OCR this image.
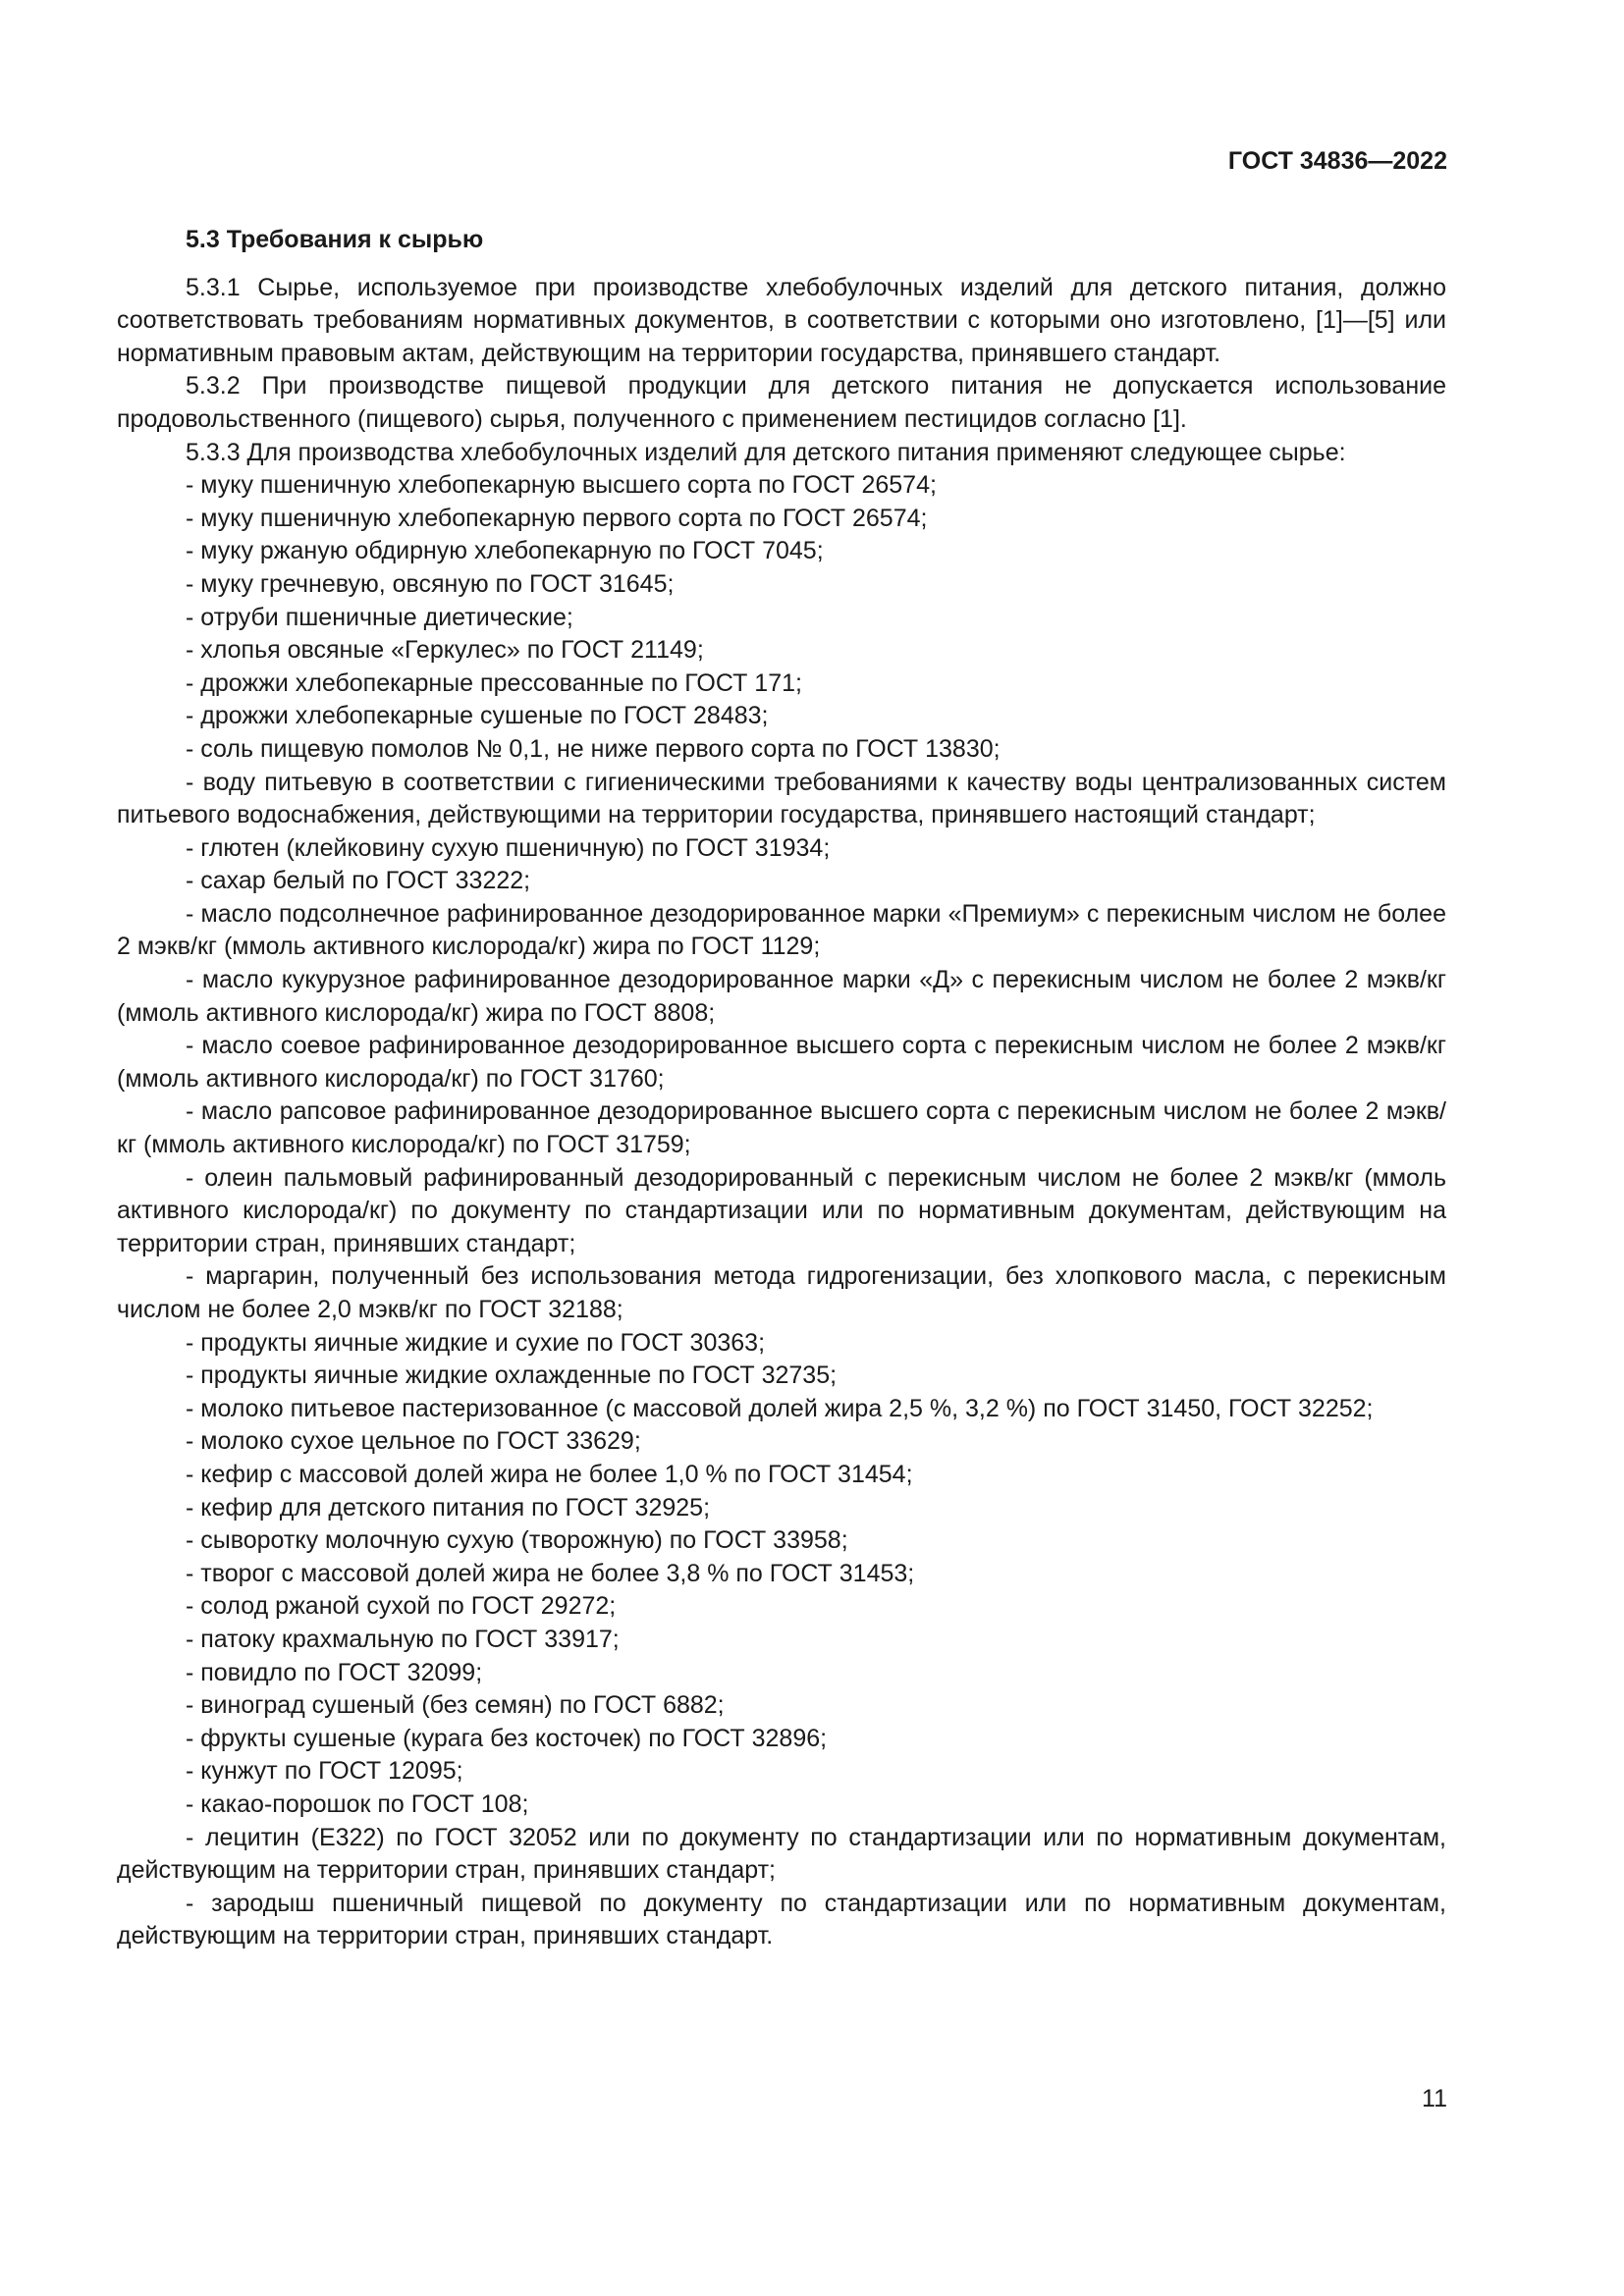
ГОСТ 34836—2022

5.3 Требования к сырью

5.3.1 Сырье, используемое при производстве хлебобулочных изделий для детского питания, должно соответствовать требованиям нормативных документов, в соответствии с которыми оно изготовлено, [1]—[5] или нормативным правовым актам, действующим на территории государства, принявшего стандарт.

5.3.2 При производстве пищевой продукции для детского питания не допускается использование продовольственного (пищевого) сырья, полученного с применением пестицидов согласно [1].

5.3.3 Для производства хлебобулочных изделий для детского питания применяют следующее сырье:

- муку пшеничную хлебопекарную высшего сорта по ГОСТ 26574;

- муку пшеничную хлебопекарную первого сорта по ГОСТ 26574;

- муку ржаную обдирную хлебопекарную по ГОСТ 7045;

- муку гречневую, овсяную по ГОСТ 31645;

- отруби пшеничные диетические;

- хлопья овсяные «Геркулес» по ГОСТ 21149;

- дрожжи хлебопекарные прессованные по ГОСТ 171;

- дрожжи хлебопекарные сушеные по ГОСТ 28483;

- соль пищевую помолов № 0,1, не ниже первого сорта по ГОСТ 13830;

- воду питьевую в соответствии с гигиеническими требованиями к качеству воды централизованных систем питьевого водоснабжения, действующими на территории государства, принявшего настоящий стандарт;

- глютен (клейковину сухую пшеничную) по ГОСТ 31934;

- сахар белый по ГОСТ 33222;

- масло подсолнечное рафинированное дезодорированное марки «Премиум» с перекисным числом не более 2 мэкв/кг (ммоль активного кислорода/кг) жира по ГОСТ 1129;

- масло кукурузное рафинированное дезодорированное марки «Д» с перекисным числом не более 2 мэкв/кг (ммоль активного кислорода/кг) жира по ГОСТ 8808;

- масло соевое рафинированное дезодорированное высшего сорта с перекисным числом не более 2 мэкв/кг (ммоль активного кислорода/кг) по ГОСТ 31760;

- масло рапсовое рафинированное дезодорированное высшего сорта с перекисным числом не более 2 мэкв/кг (ммоль активного кислорода/кг) по ГОСТ 31759;

- олеин пальмовый рафинированный дезодорированный с перекисным числом не более 2 мэкв/кг (ммоль активного кислорода/кг) по документу по стандартизации или по нормативным документам, действующим на территории стран, принявших стандарт;

- маргарин, полученный без использования метода гидрогенизации, без хлопкового масла, с перекисным числом не более 2,0 мэкв/кг по ГОСТ 32188;

- продукты яичные жидкие и сухие по ГОСТ 30363;

- продукты яичные жидкие охлажденные по ГОСТ 32735;

- молоко питьевое пастеризованное (с массовой долей жира 2,5 %, 3,2 %) по ГОСТ 31450, ГОСТ 32252;

- молоко сухое цельное по ГОСТ 33629;

- кефир с массовой долей жира не более 1,0 % по ГОСТ 31454;

- кефир для детского питания по ГОСТ 32925;

- сыворотку молочную сухую (творожную) по ГОСТ 33958;

- творог с массовой долей жира не более 3,8 % по ГОСТ 31453;

- солод ржаной сухой по ГОСТ 29272;

- патоку крахмальную по ГОСТ 33917;

- повидло по ГОСТ 32099;

- виноград сушеный (без семян) по ГОСТ 6882;

- фрукты сушеные (курага без косточек) по ГОСТ 32896;

- кунжут по ГОСТ 12095;

- какао-порошок по ГОСТ 108;

- лецитин (Е322) по ГОСТ 32052 или по документу по стандартизации или по нормативным документам, действующим на территории стран, принявших стандарт;

- зародыш пшеничный пищевой по документу по стандартизации или по нормативным документам, действующим на территории стран, принявших стандарт.

11
